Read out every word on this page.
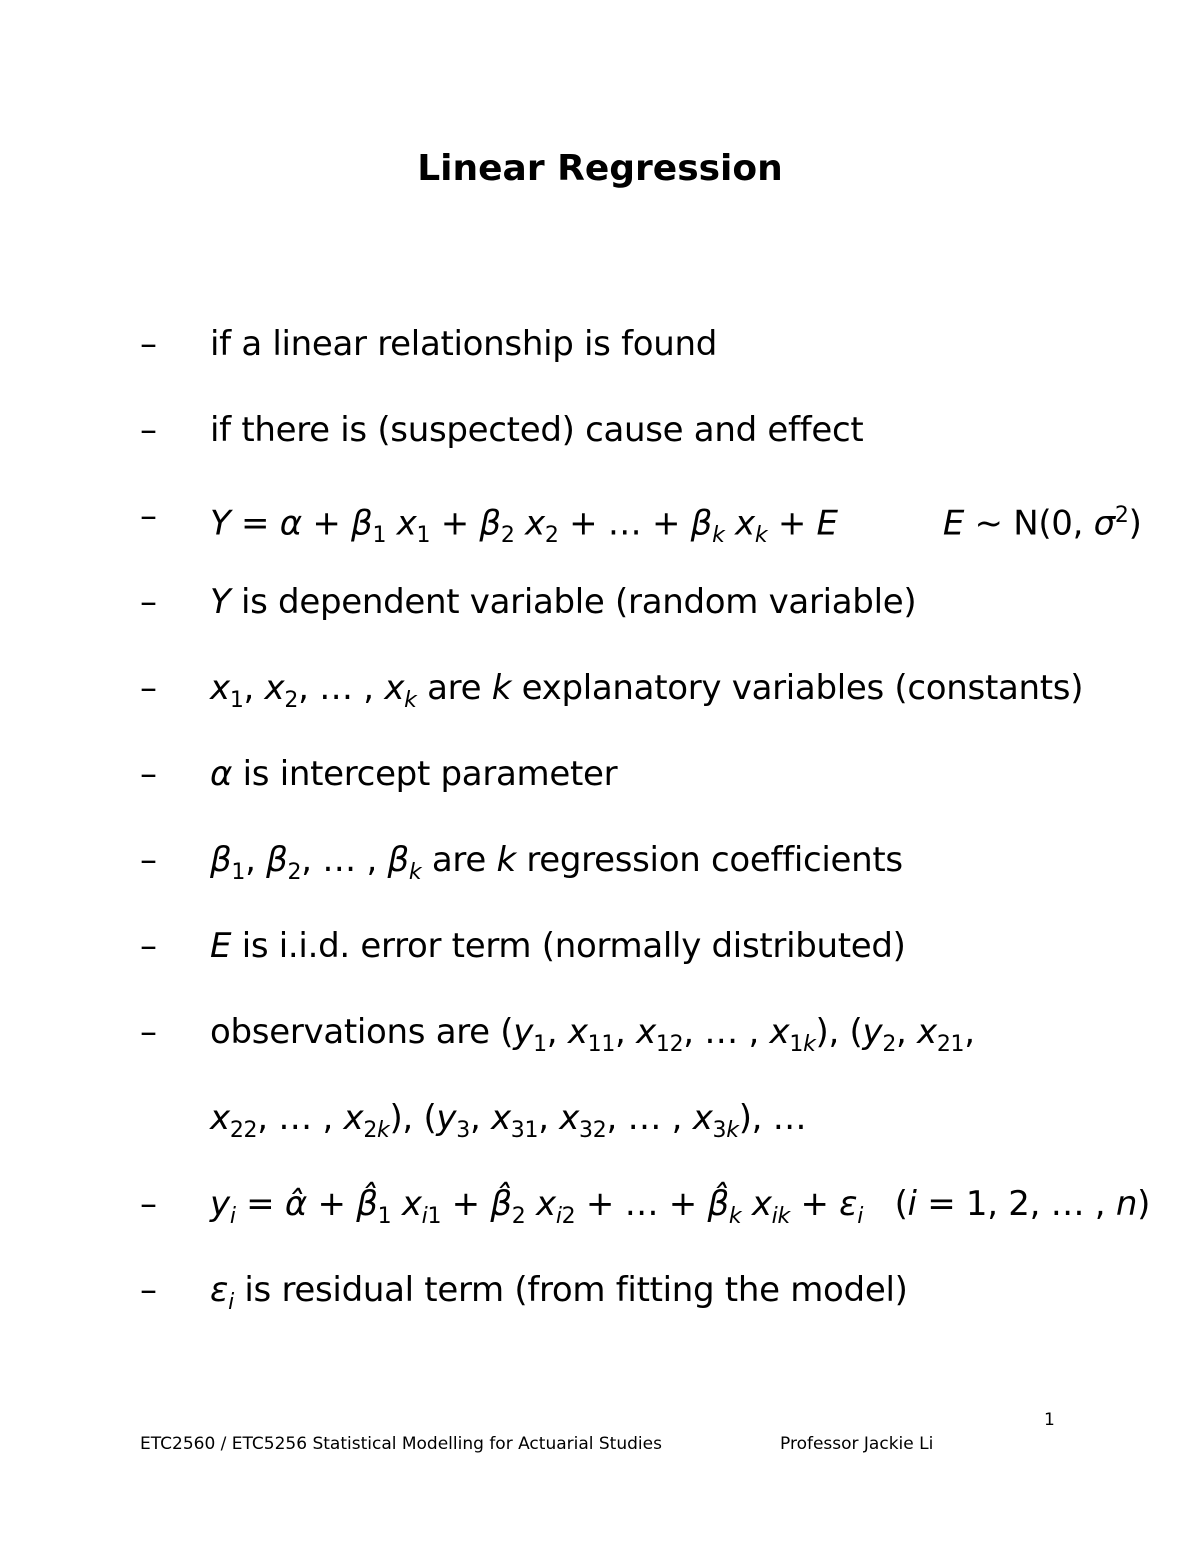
Linear Regression
– if a linear relationship is found
– if there is (suspected) cause and effect
– $Y = \alpha + \beta_1$ $x_1 + \beta_2$ $x_2$ + … + $\beta_k$ $x_k + E$	E ~ N(0, $\sigma^2$)
– Y is dependent variable (random variable)
– $x_1$, $x_2$, … , $x_k$ are k explanatory variables (constants)
– α is intercept parameter
– $\beta_1$, $\beta_2$, … , $\beta_k$ are k regression coefficients
– E is i.i.d. error term (normally distributed)
– observations are ($y_1$, $x_{11}$, $x_{12}$, … , $x_{1k}$), ($y_2$, $x_{21}$,
$x_{22}$, … , $x_{2k}$), ($y_3$, $x_{31}$, $x_{32}$, … , $x_{3k}$), …
– $y_i$ = α̂ + $\betâ_1$ $x_{i1}$ + $\betâ_2$ $x_{i2}$ + … + $\betâ_k$ $x_{ik} + \varepsilon_i$   (i = 1, 2, … , n)
– $\varepsilon_i$ is residual term (from fitting the model)
1
ETC2560 / ETC5256 Statistical Modelling for Actuarial Studies	Professor Jackie Li
